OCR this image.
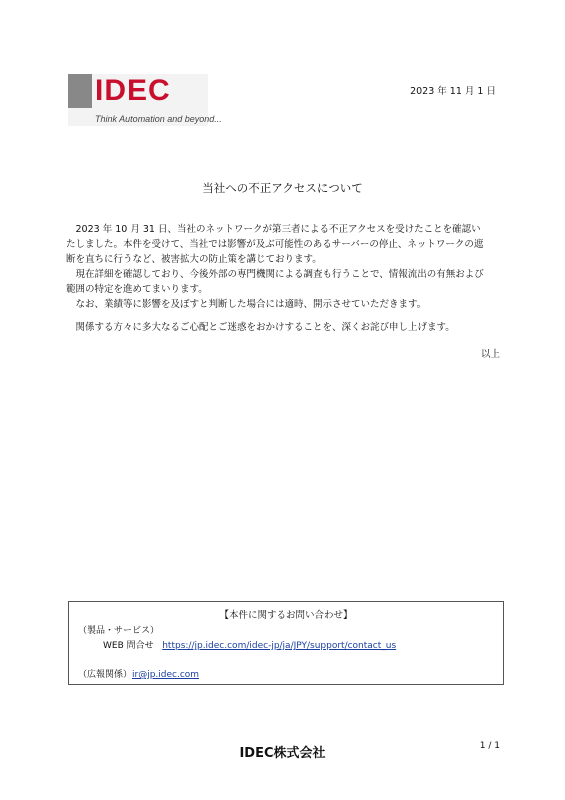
IDEC
Think Automation and beyond...
2023 年 11 月 1 日
当社への不正アクセスについて
　2023 年 10 月 31 日、当社のネットワークが第三者による不正アクセスを受けたことを確認い
たしました。本件を受けて、当社では影響が及ぶ可能性のあるサーバーの停止、ネットワークの遮
断を直ちに行うなど、被害拡大の防止策を講じております。
　現在詳細を確認しており、今後外部の専門機関による調査も行うことで、情報流出の有無および
範囲の特定を進めてまいります。
　なお、業績等に影響を及ぼすと判断した場合には適時、開示させていただきます。
　関係する方々に多大なるご心配とご迷惑をおかけすることを、深くお詫び申し上げます。
以上
【本件に関するお問い合わせ】
（製品・サービス）
WEB 問合せ https://jp.idec.com/idec-jp/ja/JPY/support/contact_us
（広報関係）ir@jp.idec.com
IDEC株式会社	1 / 1
